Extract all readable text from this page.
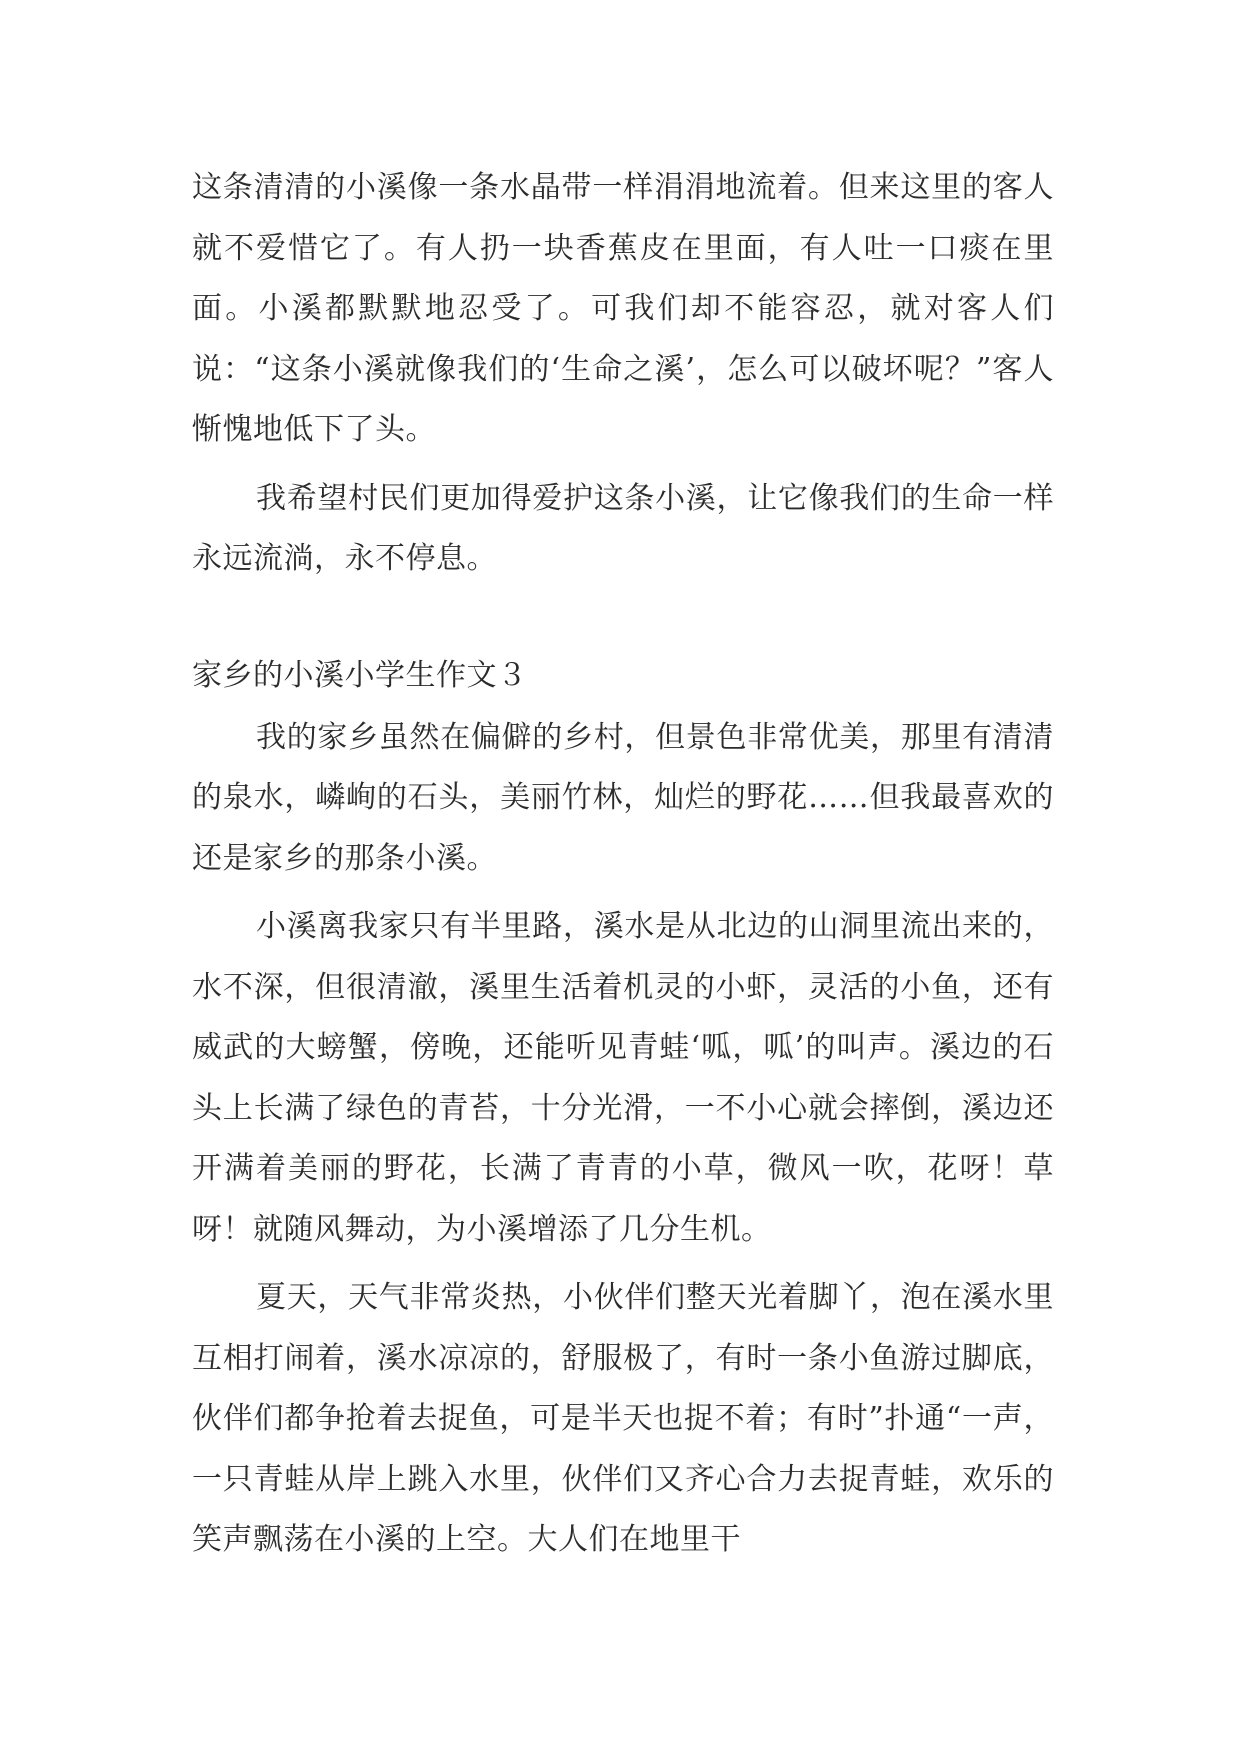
这条清清的小溪像一条水晶带一样涓涓地流着。但来这里的客人就不爱惜它了。有人扔一块香蕉皮在里面，有人吐一口痰在里面。小溪都默默地忍受了。可我们却不能容忍，就对客人们说：“这条小溪就像我们的‘生命之溪’，怎么可以破坏呢？”客人惭愧地低下了头。

我希望村民们更加得爱护这条小溪，让它像我们的生命一样永远流淌，永不停息。

家乡的小溪小学生作文３

我的家乡虽然在偏僻的乡村，但景色非常优美，那里有清清的泉水，嶙峋的石头，美丽竹林，灿烂的野花……但我最喜欢的还是家乡的那条小溪。

小溪离我家只有半里路，溪水是从北边的山洞里流出来的，水不深，但很清澈，溪里生活着机灵的小虾，灵活的小鱼，还有威武的大螃蟹，傍晚，还能听见青蛙‘呱，呱’的叫声。溪边的石头上长满了绿色的青苔，十分光滑，一不小心就会摔倒，溪边还开满着美丽的野花，长满了青青的小草，微风一吹，花呀！草呀！就随风舞动，为小溪增添了几分生机。

夏天，天气非常炎热，小伙伴们整天光着脚丫，泡在溪水里互相打闹着，溪水凉凉的，舒服极了，有时一条小鱼游过脚底，伙伴们都争抢着去捉鱼，可是半天也捉不着；有时”扑通“一声，一只青蛙从岸上跳入水里，伙伴们又齐心合力去捉青蛙，欢乐的笑声飘荡在小溪的上空。大人们在地里干
